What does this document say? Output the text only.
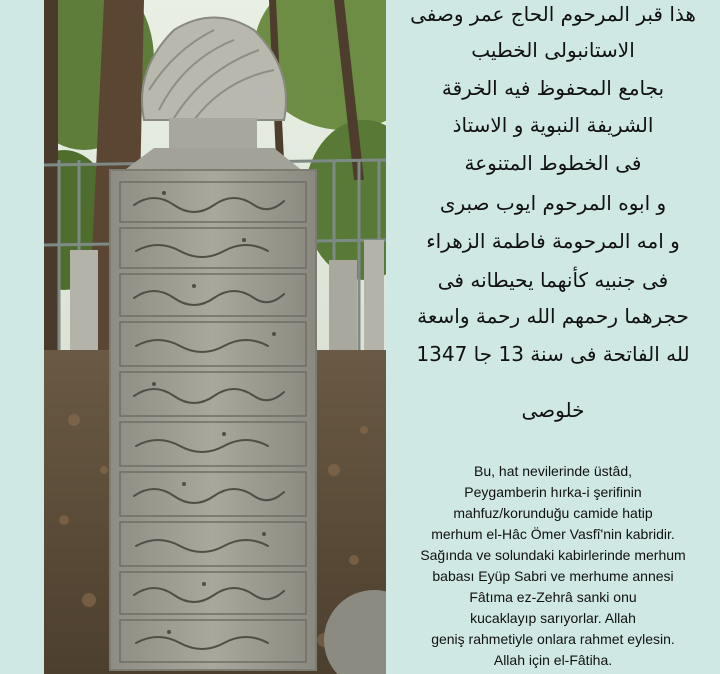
هذا قبر المرحوم الحاج عمر وصفى
الاستانبولى الخطيب
بجامع المحفوظ فيه الخرقة
الشريفة النبوية و الاستاذ
فى الخطوط المتنوعة
و ابوه المرحوم ايوب صبرى
و امه المرحومة فاطمة الزهراء
فى جنبيه كأنهما يحيطانه فى
حجرهما رحمهم الله رحمة واسعة
لله الفاتحة فى سنة 13 جا 1347
خلوصى
Bu, hat nevilerinde üstâd,
Peygamberin hırka-i şerifinin
mahfuz/korunduğu camide hatip
merhum el-Hâc Ömer Vasfî'nin kabridir.
Sağında ve solundaki kabirlerinde merhum
babası Eyüp Sabri ve merhume annesi
Fâtıma ez-Zehrâ sanki onu
kucaklayıp sarıyorlar. Allah
geniş rahmetiyle onlara rahmet eylesin.
Allah için el-Fâtiha.
